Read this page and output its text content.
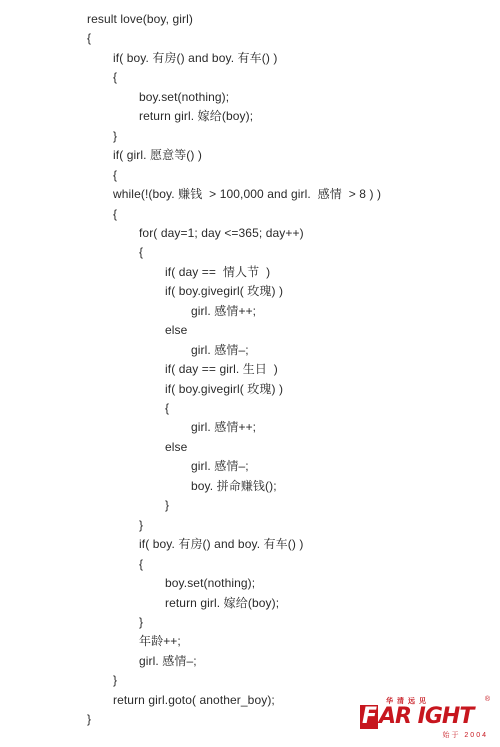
result love(boy, girl)
{
if( boy. 有房() and boy. 有车() )
{
boy.set(nothing);
return girl. 嫁给(boy);
}
if( girl. 愿意等() )
{
while(!(boy. 赚钱  > 100,000 and girl.  感情  > 8 ) )
{
for( day=1; day <=365; day++)
{
if( day ==  情人节  )
if( boy.givegirl( 玫瑰) )
girl. 感情++;
else
girl. 感情–;
if( day == girl. 生日  )
if( boy.givegirl( 玫瑰) )
{
girl. 感情++;
else
girl. 感情–;
boy. 拼命赚钱();
}
}
if( boy. 有房() and boy. 有车() )
{
boy.set(nothing);
return girl. 嫁给(boy);
}
年龄++;
girl. 感情–;
}
return girl.goto( another_boy);
}
华清远见	®
F AR IGHT
始于 2004
